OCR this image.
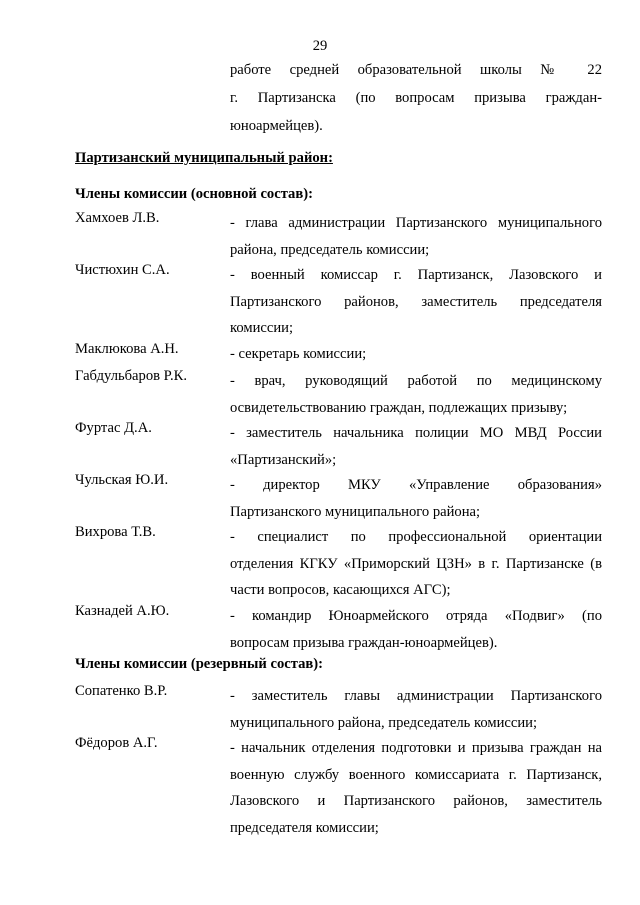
29
работе средней образовательной школы № 22
г. Партизанска (по вопросам призыва граждан-
юноармейцев).
Партизанский муниципальный район:
Члены комиссии (основной состав):
Хамхоев Л.В.	- глава администрации Партизанского муниципального
района, председатель комиссии;
Чистюхин С.А.	- военный комиссар г. Партизанск, Лазовского и
Партизанского районов, заместитель председателя
комиссии;
Маклюкова А.Н.	- секретарь комиссии;
Габдульбаров Р.К.	- врач, руководящий работой по медицинскому
освидетельствованию граждан, подлежащих призыву;
Фуртас Д.А.	- заместитель начальника полиции МО МВД России
«Партизанский»;
Чульская Ю.И.	- директор МКУ «Управление образования»
Партизанского муниципального района;
Вихрова Т.В.	- специалист по профессиональной ориентации
отделения КГКУ «Приморский ЦЗН» в г. Партизанске (в
части вопросов, касающихся АГС);
Казнадей А.Ю.	- командир Юноармейского отряда «Подвиг» (по
вопросам призыва граждан-юноармейцев).
Члены комиссии (резервный состав):
Сопатенко В.Р.	- заместитель главы администрации Партизанского
муниципального района, председатель комиссии;
Фёдоров А.Г.	- начальник отделения подготовки и призыва граждан на
военную службу военного комиссариата г. Партизанск,
Лазовского и Партизанского районов, заместитель
председателя комиссии;
